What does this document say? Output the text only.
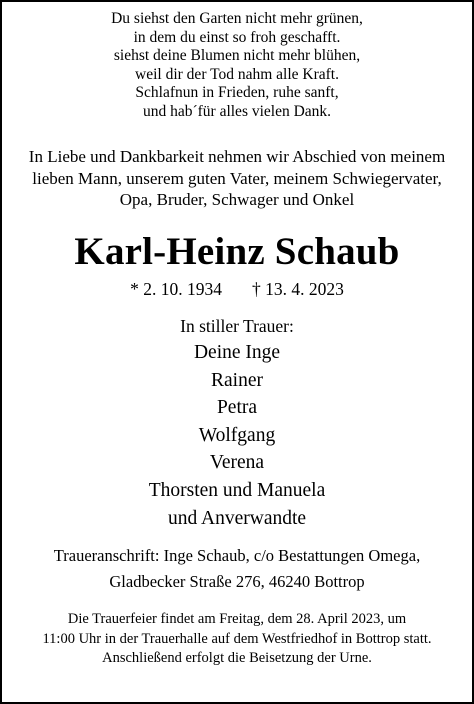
Du siehst den Garten nicht mehr grünen,
in dem du einst so froh geschafft.
siehst deine Blumen nicht mehr blühen,
weil dir der Tod nahm alle Kraft.
Schlafnun in Frieden, ruhe sanft,
und hab´für alles vielen Dank.
In Liebe und Dankbarkeit nehmen wir Abschied von meinem
lieben Mann, unserem guten Vater, meinem Schwiegervater,
Opa, Bruder, Schwager und Onkel
Karl-Heinz Schaub
* 2. 10. 1934 † 13. 4. 2023
In stiller Trauer:
Deine Inge
Rainer
Petra
Wolfgang
Verena
Thorsten und Manuela
und Anverwandte
Traueranschrift: Inge Schaub, c/o Bestattungen Omega,
Gladbecker Straße 276, 46240 Bottrop
Die Trauerfeier findet am Freitag, dem 28. April 2023, um
11:00 Uhr in der Trauerhalle auf dem Westfriedhof in Bottrop statt.
Anschließend erfolgt die Beisetzung der Urne.
